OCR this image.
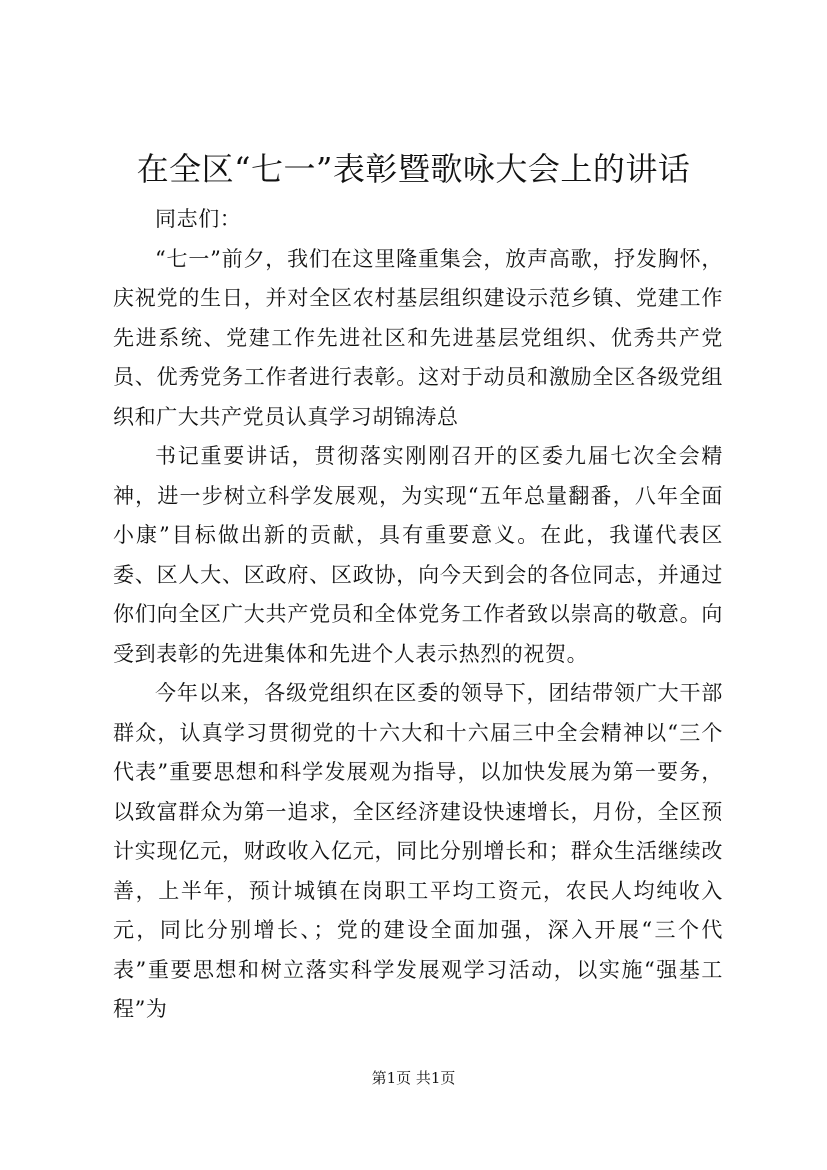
在全区“七一”表彰暨歌咏大会上的讲话

同志们：

“七一”前夕，我们在这里隆重集会，放声高歌，抒发胸怀，庆祝党的生日，并对全区农村基层组织建设示范乡镇、党建工作先进系统、党建工作先进社区和先进基层党组织、优秀共产党员、优秀党务工作者进行表彰。这对于动员和激励全区各级党组织和广大共产党员认真学习胡锦涛总

书记重要讲话，贯彻落实刚刚召开的区委九届七次全会精神，进一步树立科学发展观，为实现“五年总量翻番，八年全面小康”目标做出新的贡献，具有重要意义。在此，我谨代表区委、区人大、区政府、区政协，向今天到会的各位同志，并通过你们向全区广大共产党员和全体党务工作者致以崇高的敬意。向受到表彰的先进集体和先进个人表示热烈的祝贺。

今年以来，各级党组织在区委的领导下，团结带领广大干部群众，认真学习贯彻党的十六大和十六届三中全会精神以“三个代表”重要思想和科学发展观为指导，以加快发展为第一要务，以致富群众为第一追求，全区经济建设快速增长，月份，全区预计实现亿元，财政收入亿元，同比分别增长和；群众生活继续改善，上半年，预计城镇在岗职工平均工资元，农民人均纯收入元，同比分别增长、；党的建设全面加强，深入开展“三个代表”重要思想和树立落实科学发展观学习活动，以实施“强基工程”为

第1页 共1页
